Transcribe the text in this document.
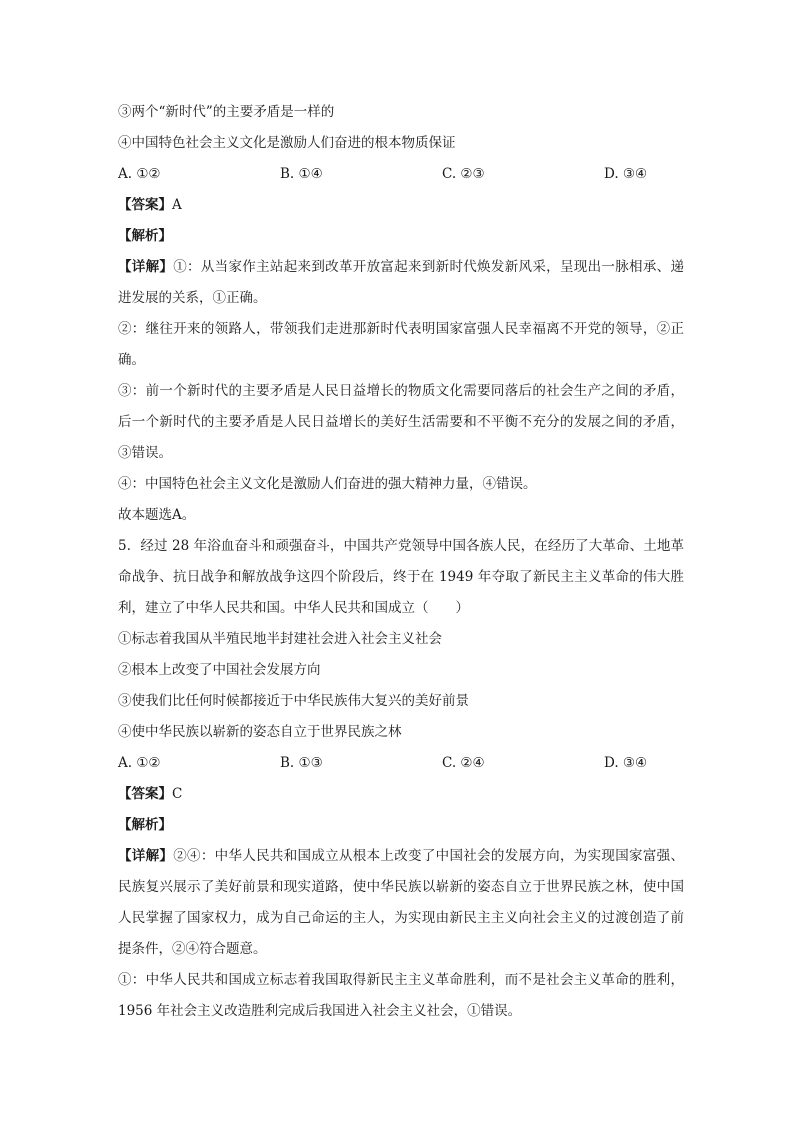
③两个“新时代”的主要矛盾是一样的
④中国特色社会主义文化是激励人们奋进的根本物质保证
A. ①②	B. ①④	C. ②③	D. ③④
【答案】A
【解析】
【详解】①：从当家作主站起来到改革开放富起来到新时代焕发新风采，呈现出一脉相承、递进发展的关系，①正确。
②：继往开来的领路人，带领我们走进那新时代表明国家富强人民幸福离不开党的领导，②正确。
③：前一个新时代的主要矛盾是人民日益增长的物质文化需要同落后的社会生产之间的矛盾，后一个新时代的主要矛盾是人民日益增长的美好生活需要和不平衡不充分的发展之间的矛盾，③错误。
④：中国特色社会主义文化是激励人们奋进的强大精神力量，④错误。
故本题选A。
5．经过 28 年浴血奋斗和顽强奋斗，中国共产党领导中国各族人民，在经历了大革命、土地革命战争、抗日战争和解放战争这四个阶段后，终于在 1949 年夺取了新民主主义革命的伟大胜利，建立了中华人民共和国。中华人民共和国成立（　　）
①标志着我国从半殖民地半封建社会进入社会主义社会
②根本上改变了中国社会发展方向
③使我们比任何时候都接近于中华民族伟大复兴的美好前景
④使中华民族以崭新的姿态自立于世界民族之林
A. ①②	B. ①③	C. ②④	D. ③④
【答案】C
【解析】
【详解】②④：中华人民共和国成立从根本上改变了中国社会的发展方向，为实现国家富强、民族复兴展示了美好前景和现实道路，使中华民族以崭新的姿态自立于世界民族之林，使中国人民掌握了国家权力，成为自己命运的主人，为实现由新民主主义向社会主义的过渡创造了前提条件，②④符合题意。
①：中华人民共和国成立标志着我国取得新民主主义革命胜利，而不是社会主义革命的胜利，1956 年社会主义改造胜利完成后我国进入社会主义社会，①错误。
